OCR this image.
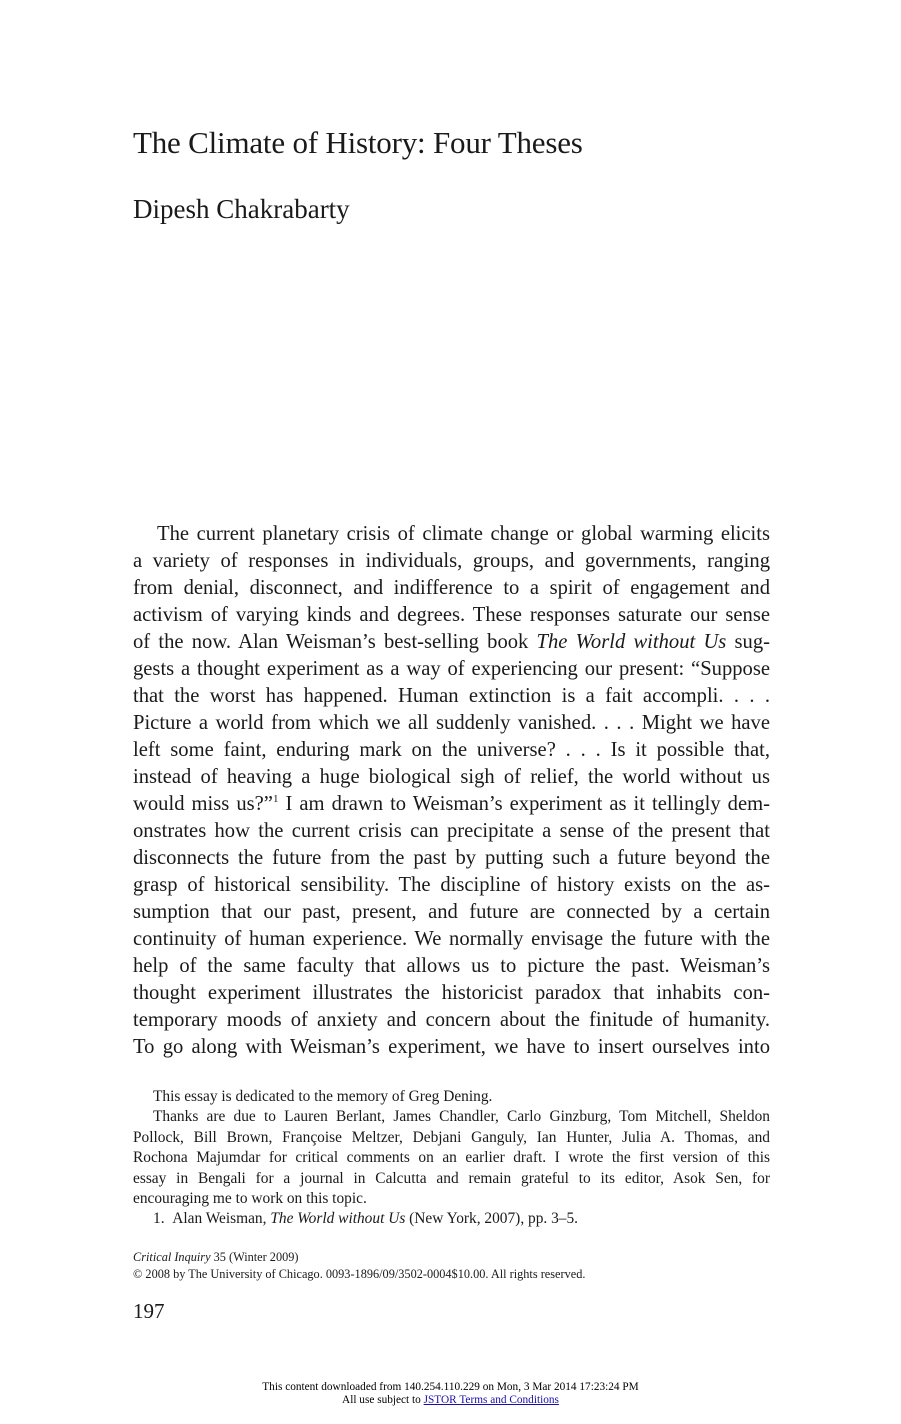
The Climate of History: Four Theses
Dipesh Chakrabarty
The current planetary crisis of climate change or global warming elicits
a variety of responses in individuals, groups, and governments, ranging
from denial, disconnect, and indifference to a spirit of engagement and
activism of varying kinds and degrees. These responses saturate our sense
of the now. Alan Weisman’s best-selling book The World without Us sug-
gests a thought experiment as a way of experiencing our present: “Suppose
that the worst has happened. Human extinction is a fait accompli. . . .
Picture a world from which we all suddenly vanished. . . . Might we have
left some faint, enduring mark on the universe? . . . Is it possible that,
instead of heaving a huge biological sigh of relief, the world without us
would miss us?”$^1$ I am drawn to Weisman’s experiment as it tellingly dem-
onstrates how the current crisis can precipitate a sense of the present that
disconnects the future from the past by putting such a future beyond the
grasp of historical sensibility. The discipline of history exists on the as-
sumption that our past, present, and future are connected by a certain
continuity of human experience. We normally envisage the future with the
help of the same faculty that allows us to picture the past. Weisman’s
thought experiment illustrates the historicist paradox that inhabits con-
temporary moods of anxiety and concern about the finitude of humanity.
To go along with Weisman’s experiment, we have to insert ourselves into
This essay is dedicated to the memory of Greg Dening.
Thanks are due to Lauren Berlant, James Chandler, Carlo Ginzburg, Tom Mitchell, Sheldon
Pollock, Bill Brown, Françoise Meltzer, Debjani Ganguly, Ian Hunter, Julia A. Thomas, and
Rochona Majumdar for critical comments on an earlier draft. I wrote the first version of this
essay in Bengali for a journal in Calcutta and remain grateful to its editor, Asok Sen, for
encouraging me to work on this topic.
1. Alan Weisman, The World without Us (New York, 2007), pp. 3–5.
Critical Inquiry 35 (Winter 2009)
© 2008 by The University of Chicago. 0093-1896/09/3502-0004$10.00. All rights reserved.
197
This content downloaded from 140.254.110.229 on Mon, 3 Mar 2014 17:23:24 PM
All use subject to JSTOR Terms and Conditions
